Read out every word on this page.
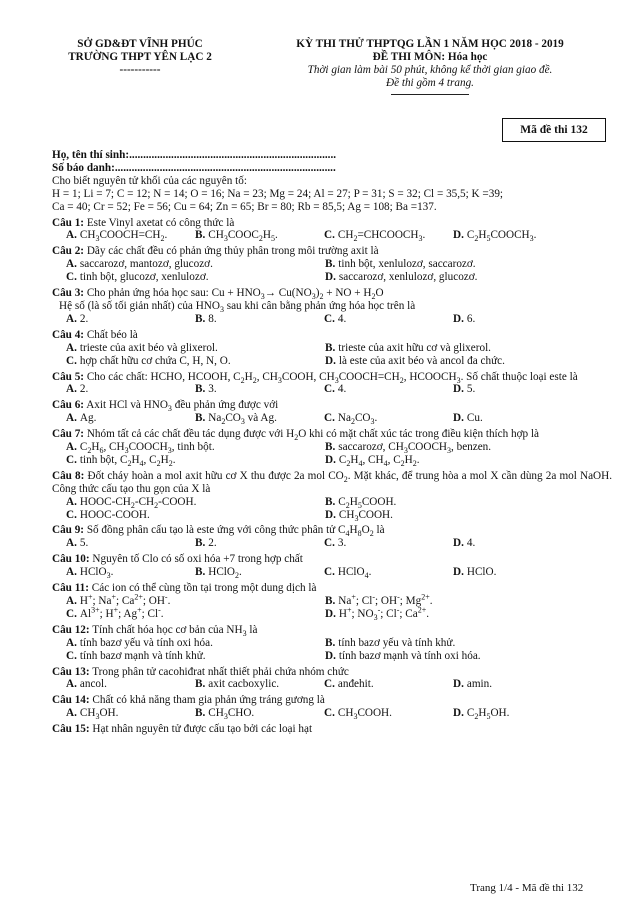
SỞ GD&ĐT VĨNH PHÚC
TRƯỜNG THPT YÊN LẠC 2
-----------
KỲ THI THỬ THPTQG LẦN 1 NĂM HỌC 2018 - 2019
ĐỀ THI MÔN: Hóa học
Thời gian làm bài 50 phút, không kể thời gian giao đề.
Đề thi gồm 4 trang.
Mã đề thi 132

Họ, tên thí sinh:..........................................................................

Số báo danh:...............................................................................

Cho biết nguyên tử khối của các nguyên tố:

H = 1; Li = 7; C = 12; N = 14; O = 16; Na = 23; Mg = 24; Al = 27; P = 31; S = 32; Cl = 35,5; K =39;

Ca = 40; Cr = 52; Fe = 56; Cu = 64; Zn = 65; Br = 80; Rb = 85,5; Ag = 108; Ba =137.

Câu 1: Este Vinyl axetat có công thức là

A. $CH_3COOCH=CH_2$.	B. $CH_3COOC_2H_5$.	C. $CH_2=CHCOOCH_3$.	D. $C_2H_5COOCH_3$.

Câu 2: Dãy các chất đều có phản ứng thủy phân trong môi trường axit là

A. saccarozơ, mantozơ, glucozơ.	B. tinh bột, xenlulozơ, saccarozơ.
C. tinh bột, glucozơ, xenlulozơ.	D. saccarozơ, xenlulozơ, glucozơ.

Câu 3: Cho phản ứng hóa học sau: $Cu + HNO_3\to Cu(NO_3)_2$ + NO + $H_2O$

Hệ số (là số tối giản nhất) của $HNO_3$ sau khi cân bằng phản ứng hóa học trên là

A. 2.	B. 8.	C. 4.	D. 6.

Câu 4: Chất béo là

A. trieste của axit béo và glixerol.	B. trieste của axit hữu cơ và glixerol.
C. hợp chất hữu cơ chứa C, H, N, O.	D. là este của axit béo và ancol đa chức.

Câu 5: Cho các chất: HCHO, HCOOH, $C_2H_2$, $CH_3COOH$, $CH_3COOCH=CH_2$, $HCOOCH_3$. Số chất thuộc loại este là

A. 2.	B. 3.	C. 4.	D. 5.

Câu 6: Axit HCl và $HNO_3$ đều phản ứng được với

A. Ag.	B. $Na_2CO_3$ và Ag.	C. $Na_2CO_3$.	D. Cu.

Câu 7: Nhóm tất cả các chất đều tác dụng được với $H_2O$ khi có mặt chất xúc tác trong điều kiện thích hợp là

A. $C_2H_6$, $CH_3COOCH_3$, tinh bột.	B. saccarozơ, $CH_3COOCH_3$, benzen.
C. tinh bột, $C_2H_4$, $C_2H_2$.	D. $C_2H_4$, $CH_4$, $C_2H_2$.

Câu 8: Đốt cháy hoàn a mol axit hữu cơ X thu được 2a mol $CO_2$. Mặt khác, để trung hòa a mol X cần dùng 2a mol NaOH. Công thức cấu tạo thu gọn của X là

A. HOOC-$CH_2-CH_2$-COOH.	B. $C_2H_5COOH$.
C. HOOC-COOH.	D. $CH_3COOH$.

Câu 9: Số đồng phân cấu tạo là este ứng với công thức phân tử $C_4H_8O_2$ là

A. 5.	B. 2.	C. 3.	D. 4.

Câu 10: Nguyên tố Clo có số oxi hóa +7 trong hợp chất

A. HClO$_3$.	B. HClO$_2$.	C. HClO$_4$.	D. HClO.

Câu 11: Các ion có thể cùng tồn tại trong một dung dịch là

A. H+; Na+; $Ca^{2+}$; OH-.	B. Na+; Cl-; OH-; $Mg^{2+}$.
C. $Al^{3+}$; H+; Ag+; Cl-.	D. H+; $NO_3^-$; Cl-; $Ca^{2+}$.

Câu 12: Tính chất hóa học cơ bản của $NH_3$ là

A. tính bazơ yếu và tính oxi hóa.	B. tính bazơ yếu và tính khử.
C. tính bazơ mạnh và tính khử.	D. tính bazơ mạnh và tính oxi hóa.

Câu 13: Trong phân tử cacohiđrat nhất thiết phải chứa nhóm chức

A. ancol.	B. axit cacboxylic.	C. anđehit.	D. amin.

Câu 14: Chất có khả năng tham gia phản ứng tráng gương là

A. $CH_3OH$.	B. $CH_3CHO$.	C. $CH_3COOH$.	D. $C_2H_5OH$.

Câu 15: Hạt nhân nguyên tử được cấu tạo bởi các loại hạt

Trang 1/4 - Mã đề thi 132
